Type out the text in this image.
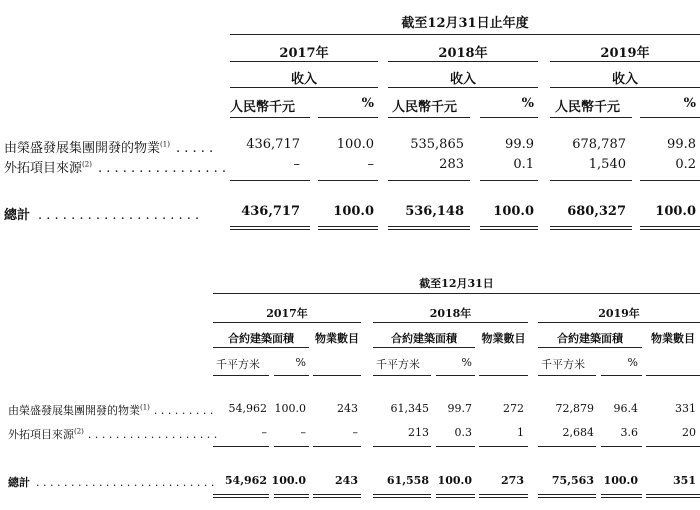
截至12月31日止年度
2017年	2018年	2019年
收入	收入	收入
人民幣千元	% 人民幣千元	% 人民幣千元	%
由榮盛發展集團開發的物業$^{(1)}$ . . . . .	436,717	100.0	535,865	99.9	678,787	99.8
外拓項目來源$^{(2)}$ . . . . . . . . . . . . . . . .	–	–	283	0.1	1,540	0.2
總計 . . . . . . . . . . . . . . . . . . . .	436,717	100.0	536,148	100.0	680,327	100.0
截至12月31日
2017年	2018年	2019年
合約建築面積	物業數目	合約建築面積	物業數目	合約建築面積	物業數目
千平方米	%	千平方米	%	千平方米	%
由榮盛發展集團開發的物業$^{(1)}$ . . . . . . . . .	54,962 100.0	243	61,345	99.7	272	72,879	96.4	331
外拓項目來源$^{(2)}$ . . . . . . . . . . . . . . . . . . .	–	–	–	213	0.3	1	2,684	3.6	20
總計 . . . . . . . . . . . . . . . . . . . . . . . . . . 54,962 100.0	243	61,558 100.0	273	75,563 100.0	351
